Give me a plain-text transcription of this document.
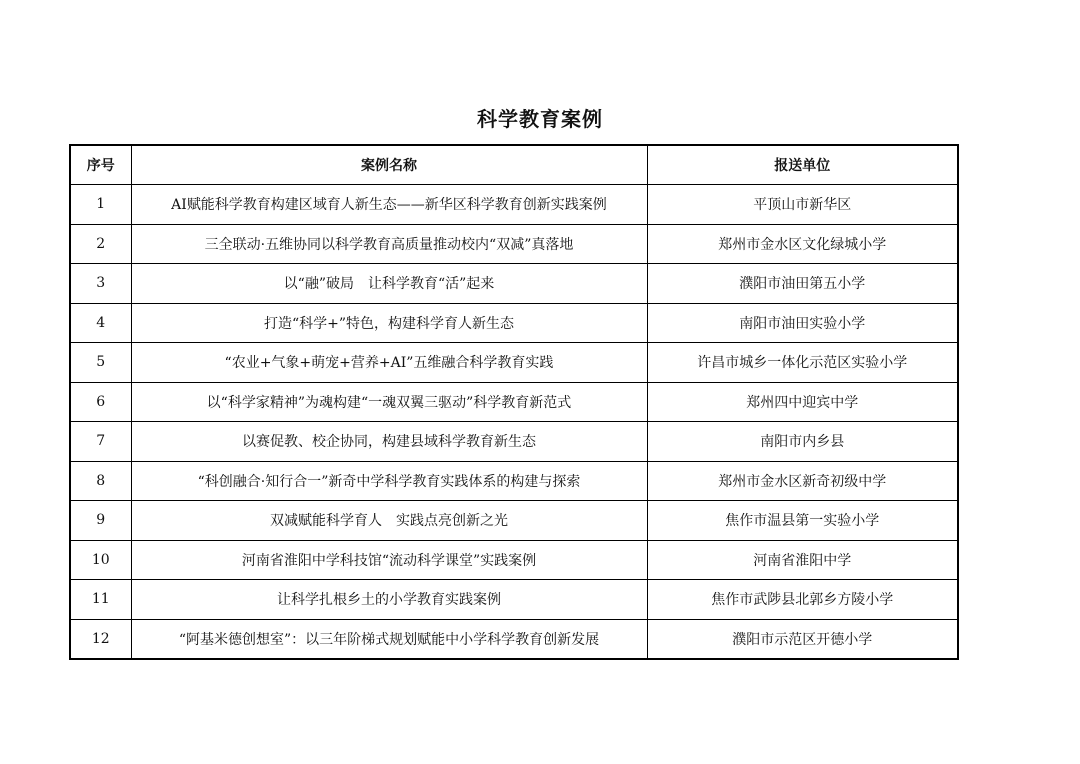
科学教育案例
序号	案例名称	报送单位
1	AI赋能科学教育构建区域育人新生态——新华区科学教育创新实践案例	平顶山市新华区
2	三全联动·五维协同以科学教育高质量推动校内“双减”真落地	郑州市金水区文化绿城小学
3	以“融”破局　让科学教育“活”起来	濮阳市油田第五小学
4	打造“科学+”特色，构建科学育人新生态	南阳市油田实验小学
5	“农业+气象+萌宠+营养+AI”五维融合科学教育实践	许昌市城乡一体化示范区实验小学
6	以“科学家精神”为魂构建“一魂双翼三驱动”科学教育新范式	郑州四中迎宾中学
7	以赛促教、校企协同，构建县域科学教育新生态	南阳市内乡县
8	“科创融合·知行合一”新奇中学科学教育实践体系的构建与探索	郑州市金水区新奇初级中学
9	双减赋能科学育人　实践点亮创新之光	焦作市温县第一实验小学
10	河南省淮阳中学科技馆“流动科学课堂”实践案例	河南省淮阳中学
11	让科学扎根乡土的小学教育实践案例	焦作市武陟县北郭乡方陵小学
12	“阿基米德创想室”：以三年阶梯式规划赋能中小学科学教育创新发展	濮阳市示范区开德小学
